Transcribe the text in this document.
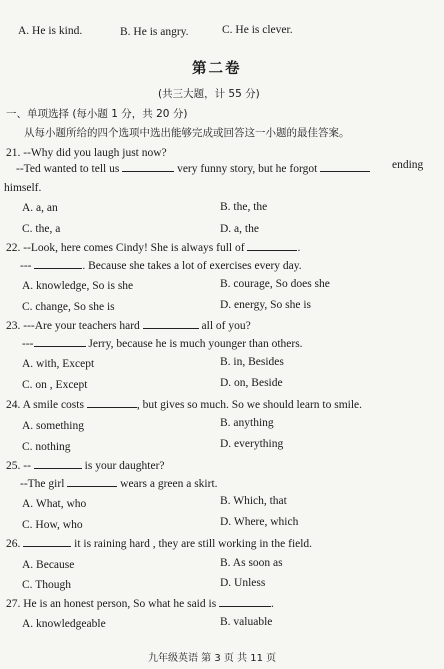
A. He is kind.	B. He is angry.	C. He is clever.
第二卷
(共三大题，计 55 分)
一、单项选择 (每小题 1 分，共 20 分)
从每小题所给的四个选项中选出能够完成或回答这一小题的最佳答案。
21. --Why did you laugh just now?
--Ted wanted to tell us	very funny story, but he forgot	ending
himself.
A. a, an	B. the, the
C. the, a	D. a, the
22. --Look, here comes Cindy! She is always full of	.
---	. Because she takes a lot of exercises every day.
A. knowledge, So is she	B. courage, So does she
C. change, So she is	D. energy, So she is
23. ---Are your teachers hard	all of you?
---	Jerry, because he is much younger than others.
A. with, Except	B. in, Besides
C. on , Except	D. on, Beside
24. A smile costs	, but gives so much. So we should learn to smile.
A. something	B. anything
C. nothing	D. everything
25. --	is your daughter?
--The girl	wears a green a skirt.
A. What, who	B. Which, that
C. How, who	D. Where, which
26.	it is raining hard , they are still working in the field.
A. Because	B. As soon as
C. Though	D. Unless
27. He is an honest person, So what he said is	.
A. knowledgeable	B. valuable
九年级英语 第 3 页 共 11 页
